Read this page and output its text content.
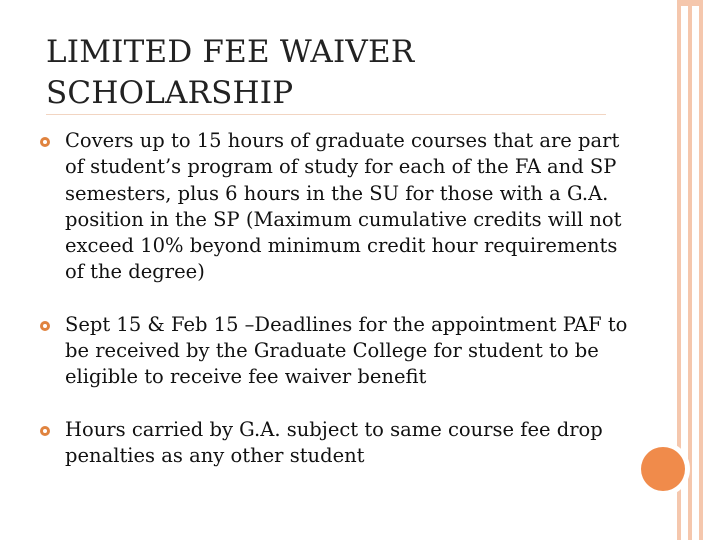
LIMITED FEE WAIVER
SCHOLARSHIP
Covers up to 15 hours of graduate courses that are part of student’s program of study for each of the FA and SP semesters, plus 6 hours in the SU for those with a G.A. position in the SP (Maximum cumulative credits will not exceed 10% beyond minimum credit hour requirements of the degree)
Sept 15 & Feb 15 –Deadlines for the appointment PAF to be received by the Graduate College for student to be eligible to receive fee waiver benefit
Hours carried by G.A. subject to same course fee drop penalties as any other student
